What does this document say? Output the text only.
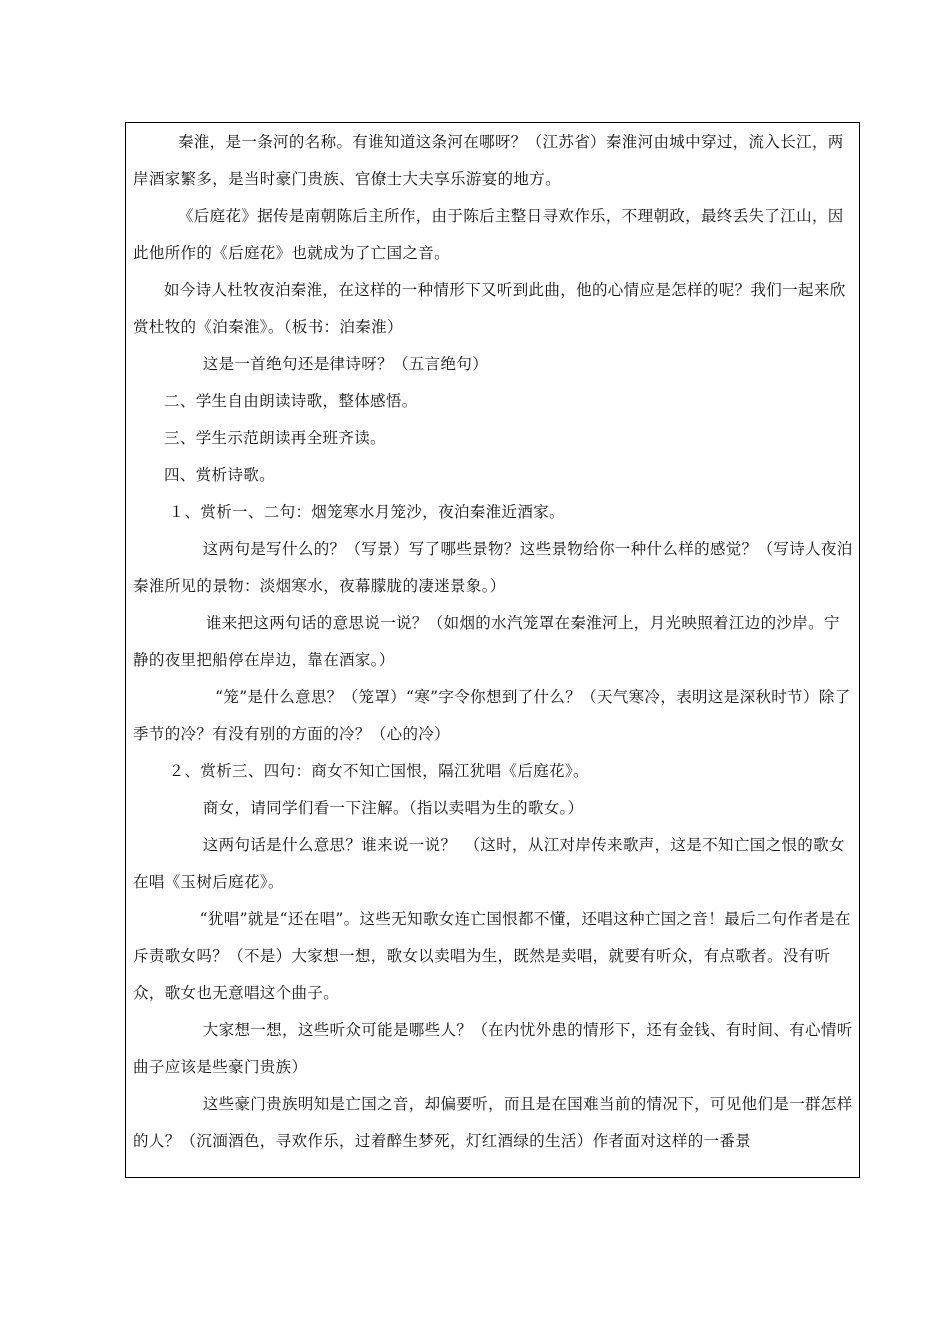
秦淮，是一条河的名称。有谁知道这条河在哪呀？（江苏省）秦淮河由城中穿过，流入长江，两岸酒家繁多，是当时豪门贵族、官僚士大夫享乐游宴的地方。

《后庭花》据传是南朝陈后主所作，由于陈后主整日寻欢作乐，不理朝政，最终丢失了江山，因此他所作的《后庭花》也就成为了亡国之音。

如今诗人杜牧夜泊秦淮，在这样的一种情形下又听到此曲，他的心情应是怎样的呢？我们一起来欣赏杜牧的《泊秦淮》。（板书：泊秦淮）

这是一首绝句还是律诗呀？（五言绝句）

二、学生自由朗读诗歌，整体感悟。

三、学生示范朗读再全班齐读。

四、赏析诗歌。

１、赏析一、二句：烟笼寒水月笼沙，夜泊秦淮近酒家。

这两句是写什么的？（写景）写了哪些景物？这些景物给你一种什么样的感觉？（写诗人夜泊秦淮所见的景物：淡烟寒水，夜幕朦胧的凄迷景象。）

谁来把这两句话的意思说一说？（如烟的水汽笼罩在秦淮河上，月光映照着江边的沙岸。宁静的夜里把船停在岸边，靠在酒家。）

“笼”是什么意思？（笼罩）“寒”字令你想到了什么？（天气寒冷，表明这是深秋时节）除了季节的冷？有没有别的方面的冷？（心的冷）

２、赏析三、四句：商女不知亡国恨，隔江犹唱《后庭花》。

商女，请同学们看一下注解。（指以卖唱为生的歌女。）

这两句话是什么意思？谁来说一说？　（这时，从江对岸传来歌声，这是不知亡国之恨的歌女在唱《玉树后庭花》。

“犹唱”就是“还在唱”。这些无知歌女连亡国恨都不懂，还唱这种亡国之音！最后二句作者是在斥责歌女吗？（不是）大家想一想，歌女以卖唱为生，既然是卖唱，就要有听众，有点歌者。没有听众，歌女也无意唱这个曲子。

大家想一想，这些听众可能是哪些人？（在内忧外患的情形下，还有金钱、有时间、有心情听曲子应该是些豪门贵族）

这些豪门贵族明知是亡国之音，却偏要听，而且是在国难当前的情况下，可见他们是一群怎样的人？（沉湎酒色，寻欢作乐，过着醉生梦死，灯红酒绿的生活）作者面对这样的一番景
